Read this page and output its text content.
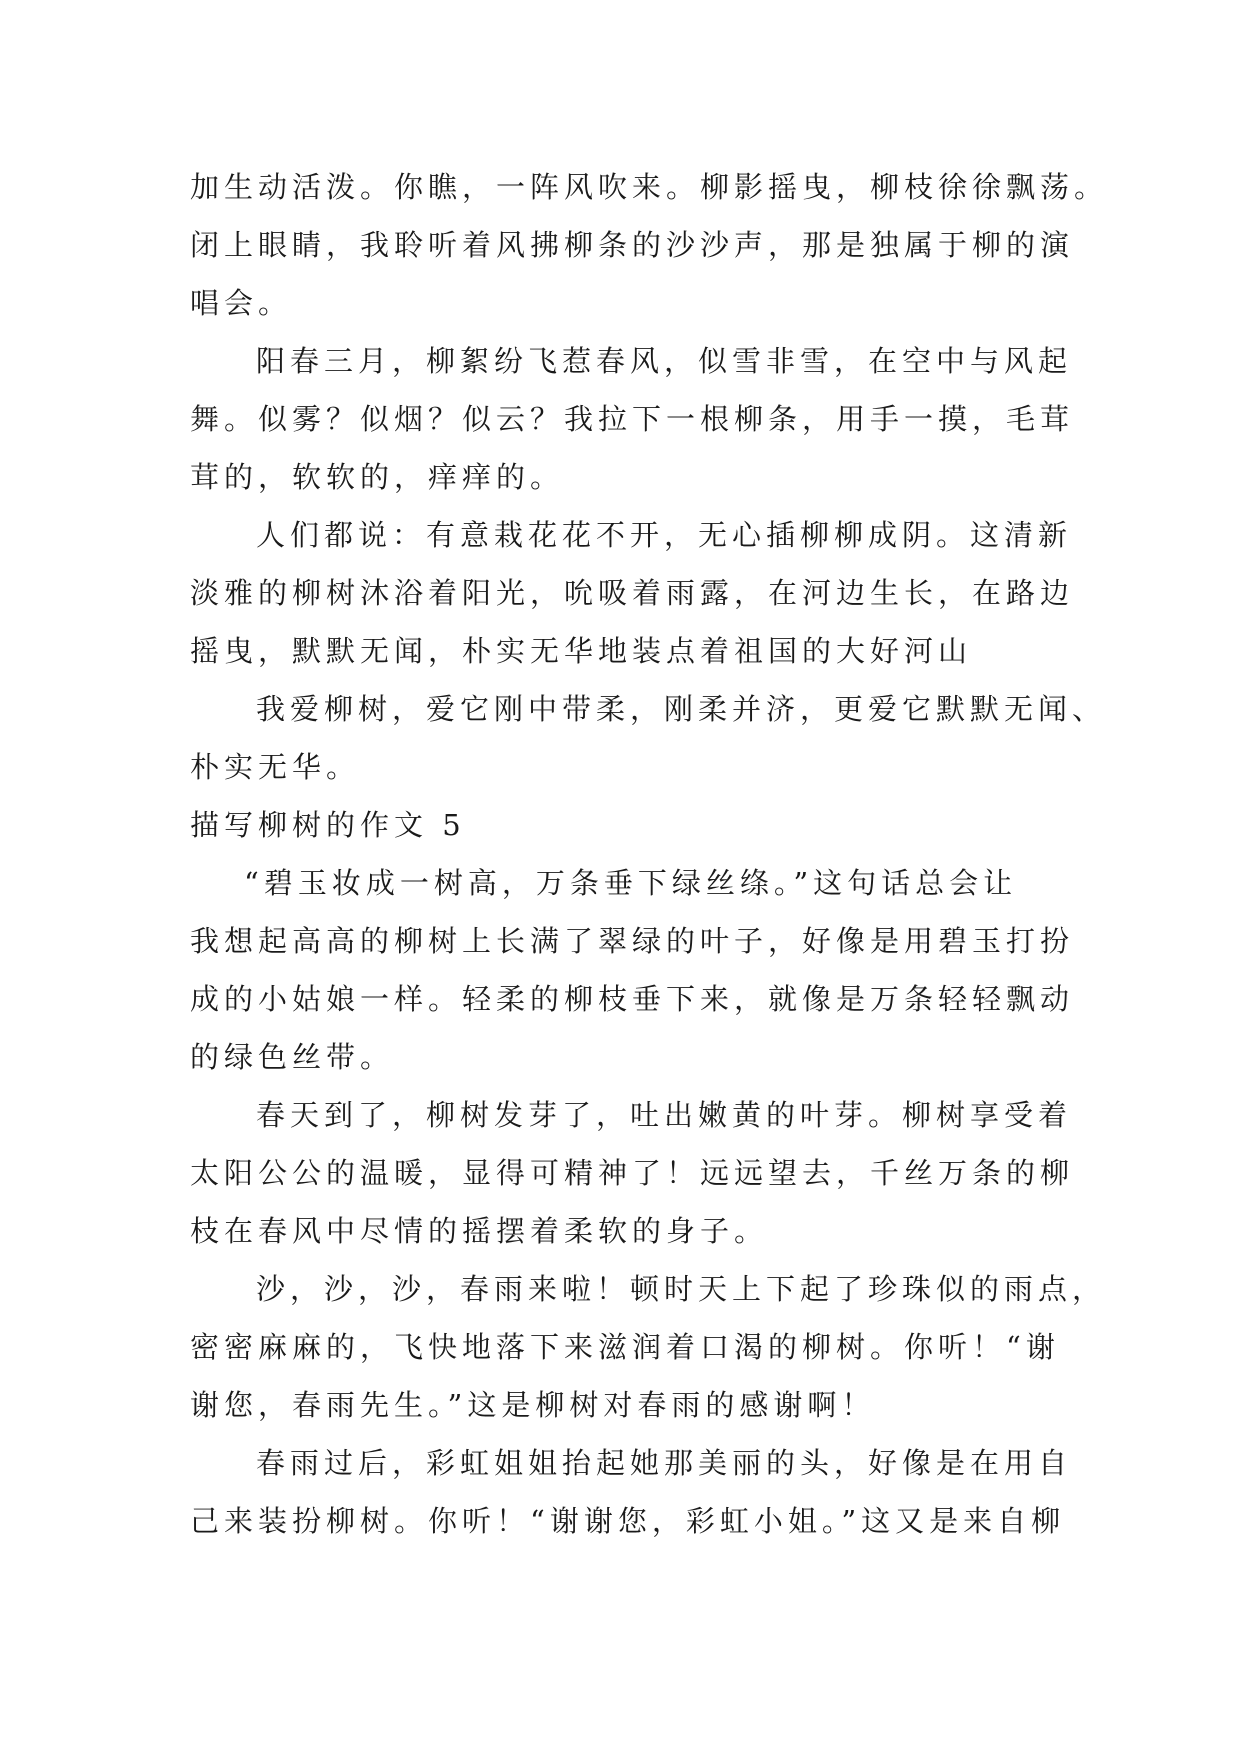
加生动活泼。你瞧，一阵风吹来。柳影摇曳，柳枝徐徐飘荡。
闭上眼睛，我聆听着风拂柳条的沙沙声，那是独属于柳的演
唱会。
阳春三月，柳絮纷飞惹春风，似雪非雪，在空中与风起
舞。似雾？似烟？似云？我拉下一根柳条，用手一摸，毛茸
茸的，软软的，痒痒的。
人们都说：有意栽花花不开，无心插柳柳成阴。这清新
淡雅的柳树沐浴着阳光，吮吸着雨露，在河边生长，在路边
摇曳，默默无闻，朴实无华地装点着祖国的大好河山
我爱柳树，爱它刚中带柔，刚柔并济，更爱它默默无闻、
朴实无华。
描写柳树的作文 5
“碧玉妆成一树高，万条垂下绿丝绦。”这句话总会让
我想起高高的柳树上长满了翠绿的叶子，好像是用碧玉打扮
成的小姑娘一样。轻柔的柳枝垂下来，就像是万条轻轻飘动
的绿色丝带。
春天到了，柳树发芽了，吐出嫩黄的叶芽。柳树享受着
太阳公公的温暖，显得可精神了！远远望去，千丝万条的柳
枝在春风中尽情的摇摆着柔软的身子。
沙，沙，沙，春雨来啦！顿时天上下起了珍珠似的雨点，
密密麻麻的，飞快地落下来滋润着口渴的柳树。你听！“谢
谢您，春雨先生。”这是柳树对春雨的感谢啊！
春雨过后，彩虹姐姐抬起她那美丽的头，好像是在用自
己来装扮柳树。你听！“谢谢您，彩虹小姐。”这又是来自柳
